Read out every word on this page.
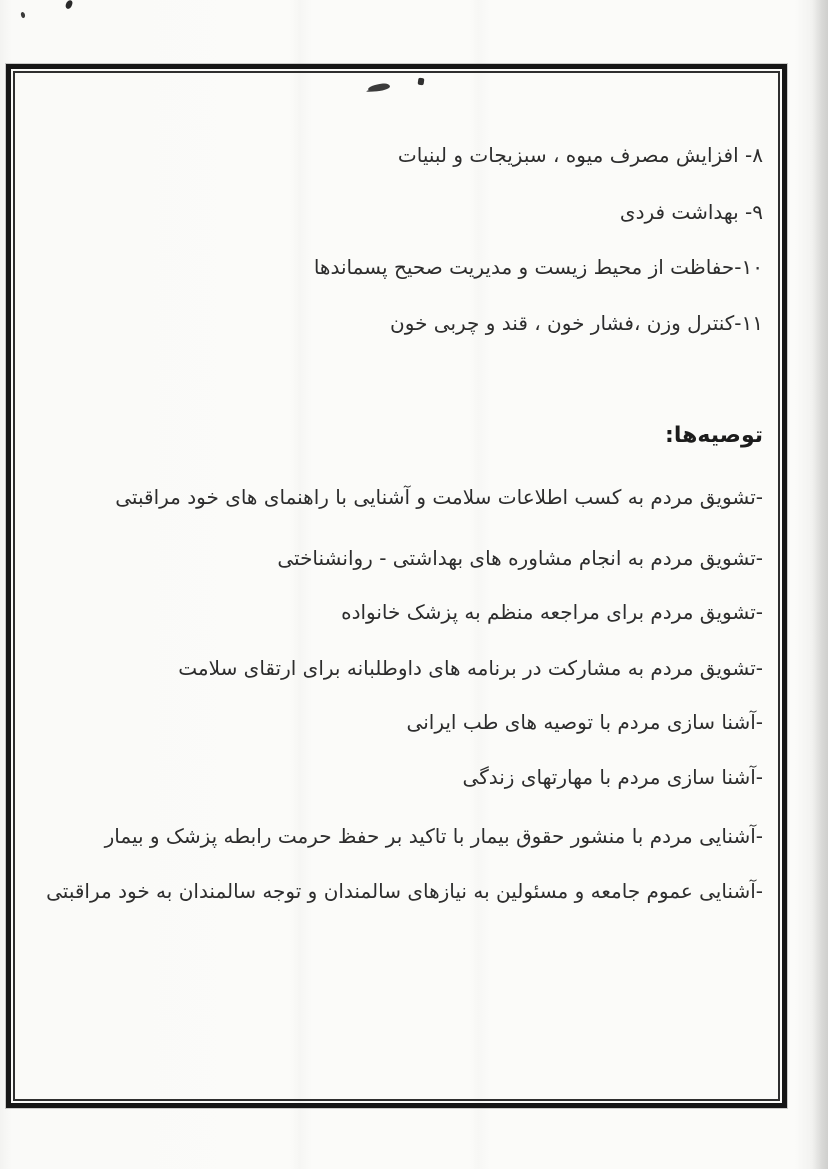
۸- افزایش مصرف میوه ، سبزیجات و لبنیات
۹- بهداشت فردی
۱۰-حفاظت از محیط زیست و مدیریت صحیح پسماندها
۱۱-کنترل وزن ،فشار خون ، قند و چربی خون
توصیه‌ها:
-تشویق مردم به کسب اطلاعات سلامت و آشنایی با راهنمای های خود مراقبتی
-تشویق مردم به انجام مشاوره های بهداشتی - روانشناختی
-تشویق مردم برای مراجعه منظم به پزشک خانواده
-تشویق مردم به مشارکت در برنامه های داوطلبانه برای ارتقای سلامت
-آشنا سازی مردم با توصیه های طب ایرانی
-آشنا سازی مردم با مهارتهای زندگی
-آشنایی مردم با منشور حقوق بیمار با تاکید بر حفظ حرمت رابطه پزشک و بیمار
-آشنایی عموم جامعه و مسئولین به نیازهای سالمندان و توجه سالمندان به خود مراقبتی
